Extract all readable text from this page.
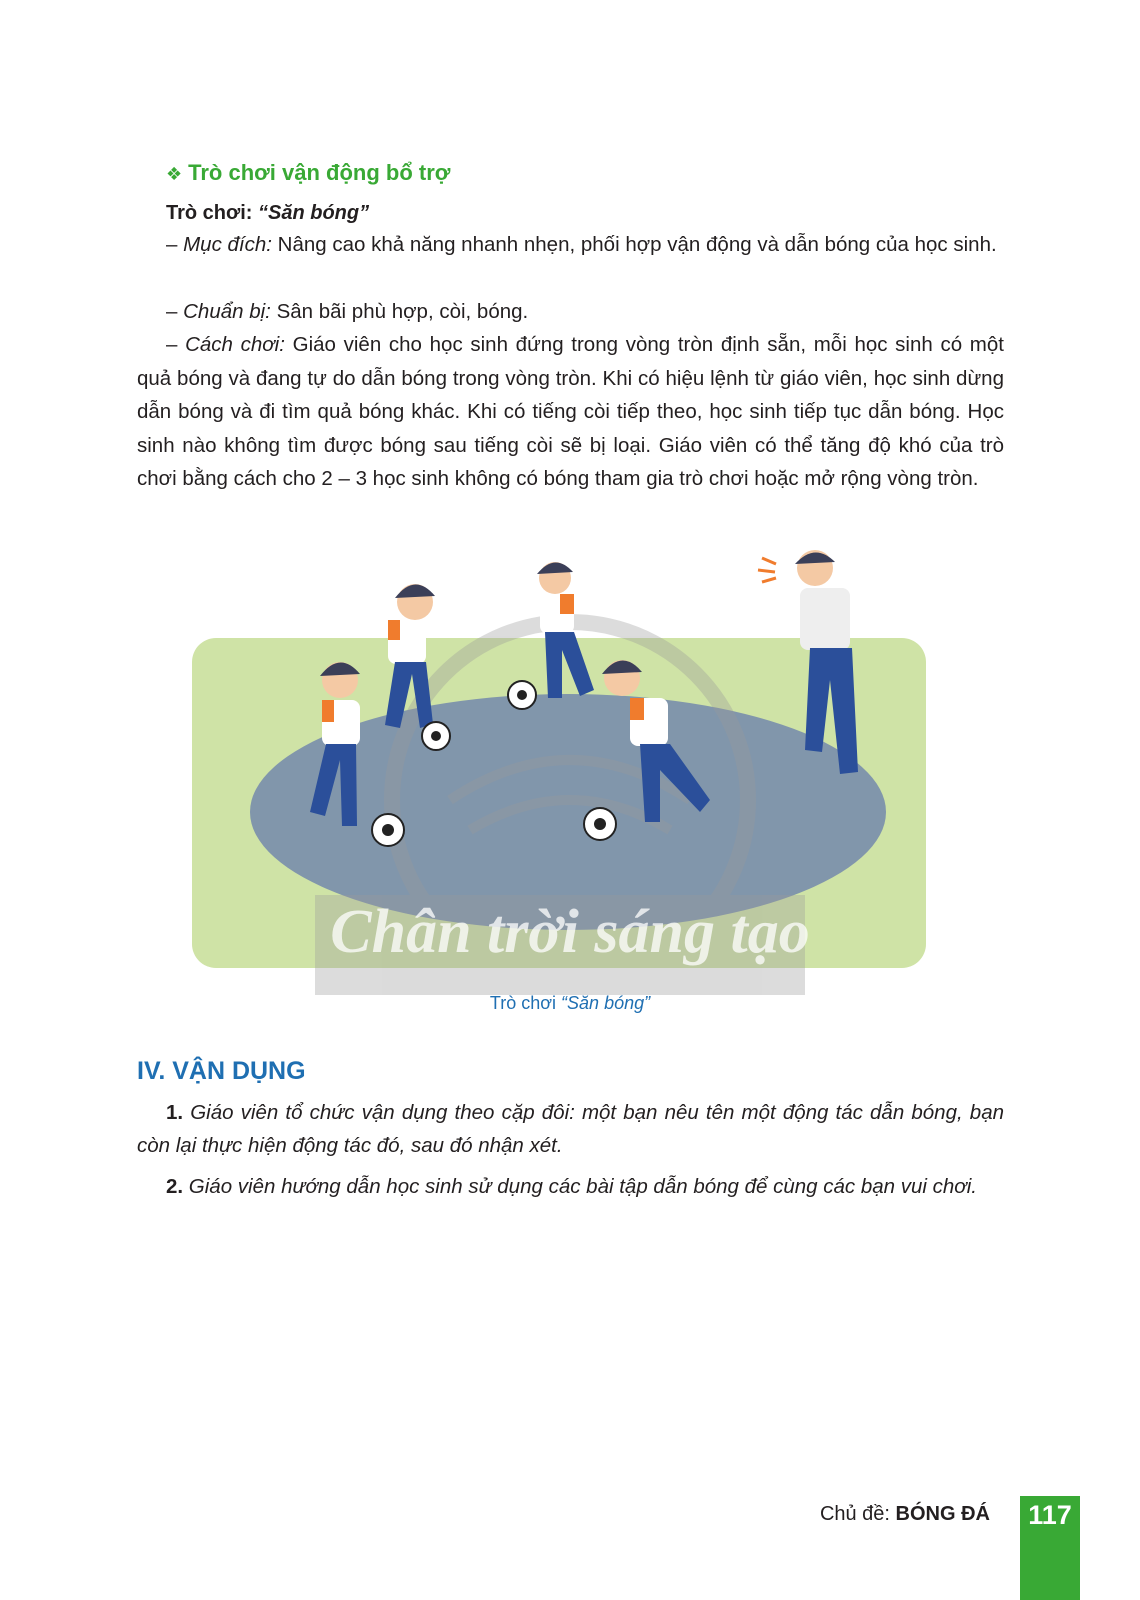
❖ Trò chơi vận động bổ trợ
Trò chơi: “Săn bóng”
– Mục đích: Nâng cao khả năng nhanh nhẹn, phối hợp vận động và dẫn bóng của học sinh.
– Chuẩn bị: Sân bãi phù hợp, còi, bóng.
– Cách chơi: Giáo viên cho học sinh đứng trong vòng tròn định sẵn, mỗi học sinh có một quả bóng và đang tự do dẫn bóng trong vòng tròn. Khi có hiệu lệnh từ giáo viên, học sinh dừng dẫn bóng và đi tìm quả bóng khác. Khi có tiếng còi tiếp theo, học sinh tiếp tục dẫn bóng. Học sinh nào không tìm được bóng sau tiếng còi sẽ bị loại. Giáo viên có thể tăng độ khó của trò chơi bằng cách cho 2 – 3 học sinh không có bóng tham gia trò chơi hoặc mở rộng vòng tròn.
Chân trời sáng tạo
Trò chơi “Săn bóng”
IV. VẬN DỤNG
1. Giáo viên tổ chức vận dụng theo cặp đôi: một bạn nêu tên một động tác dẫn bóng, bạn còn lại thực hiện động tác đó, sau đó nhận xét.
2. Giáo viên hướng dẫn học sinh sử dụng các bài tập dẫn bóng để cùng các bạn vui chơi.
Chủ đề: BÓNG ĐÁ	117
